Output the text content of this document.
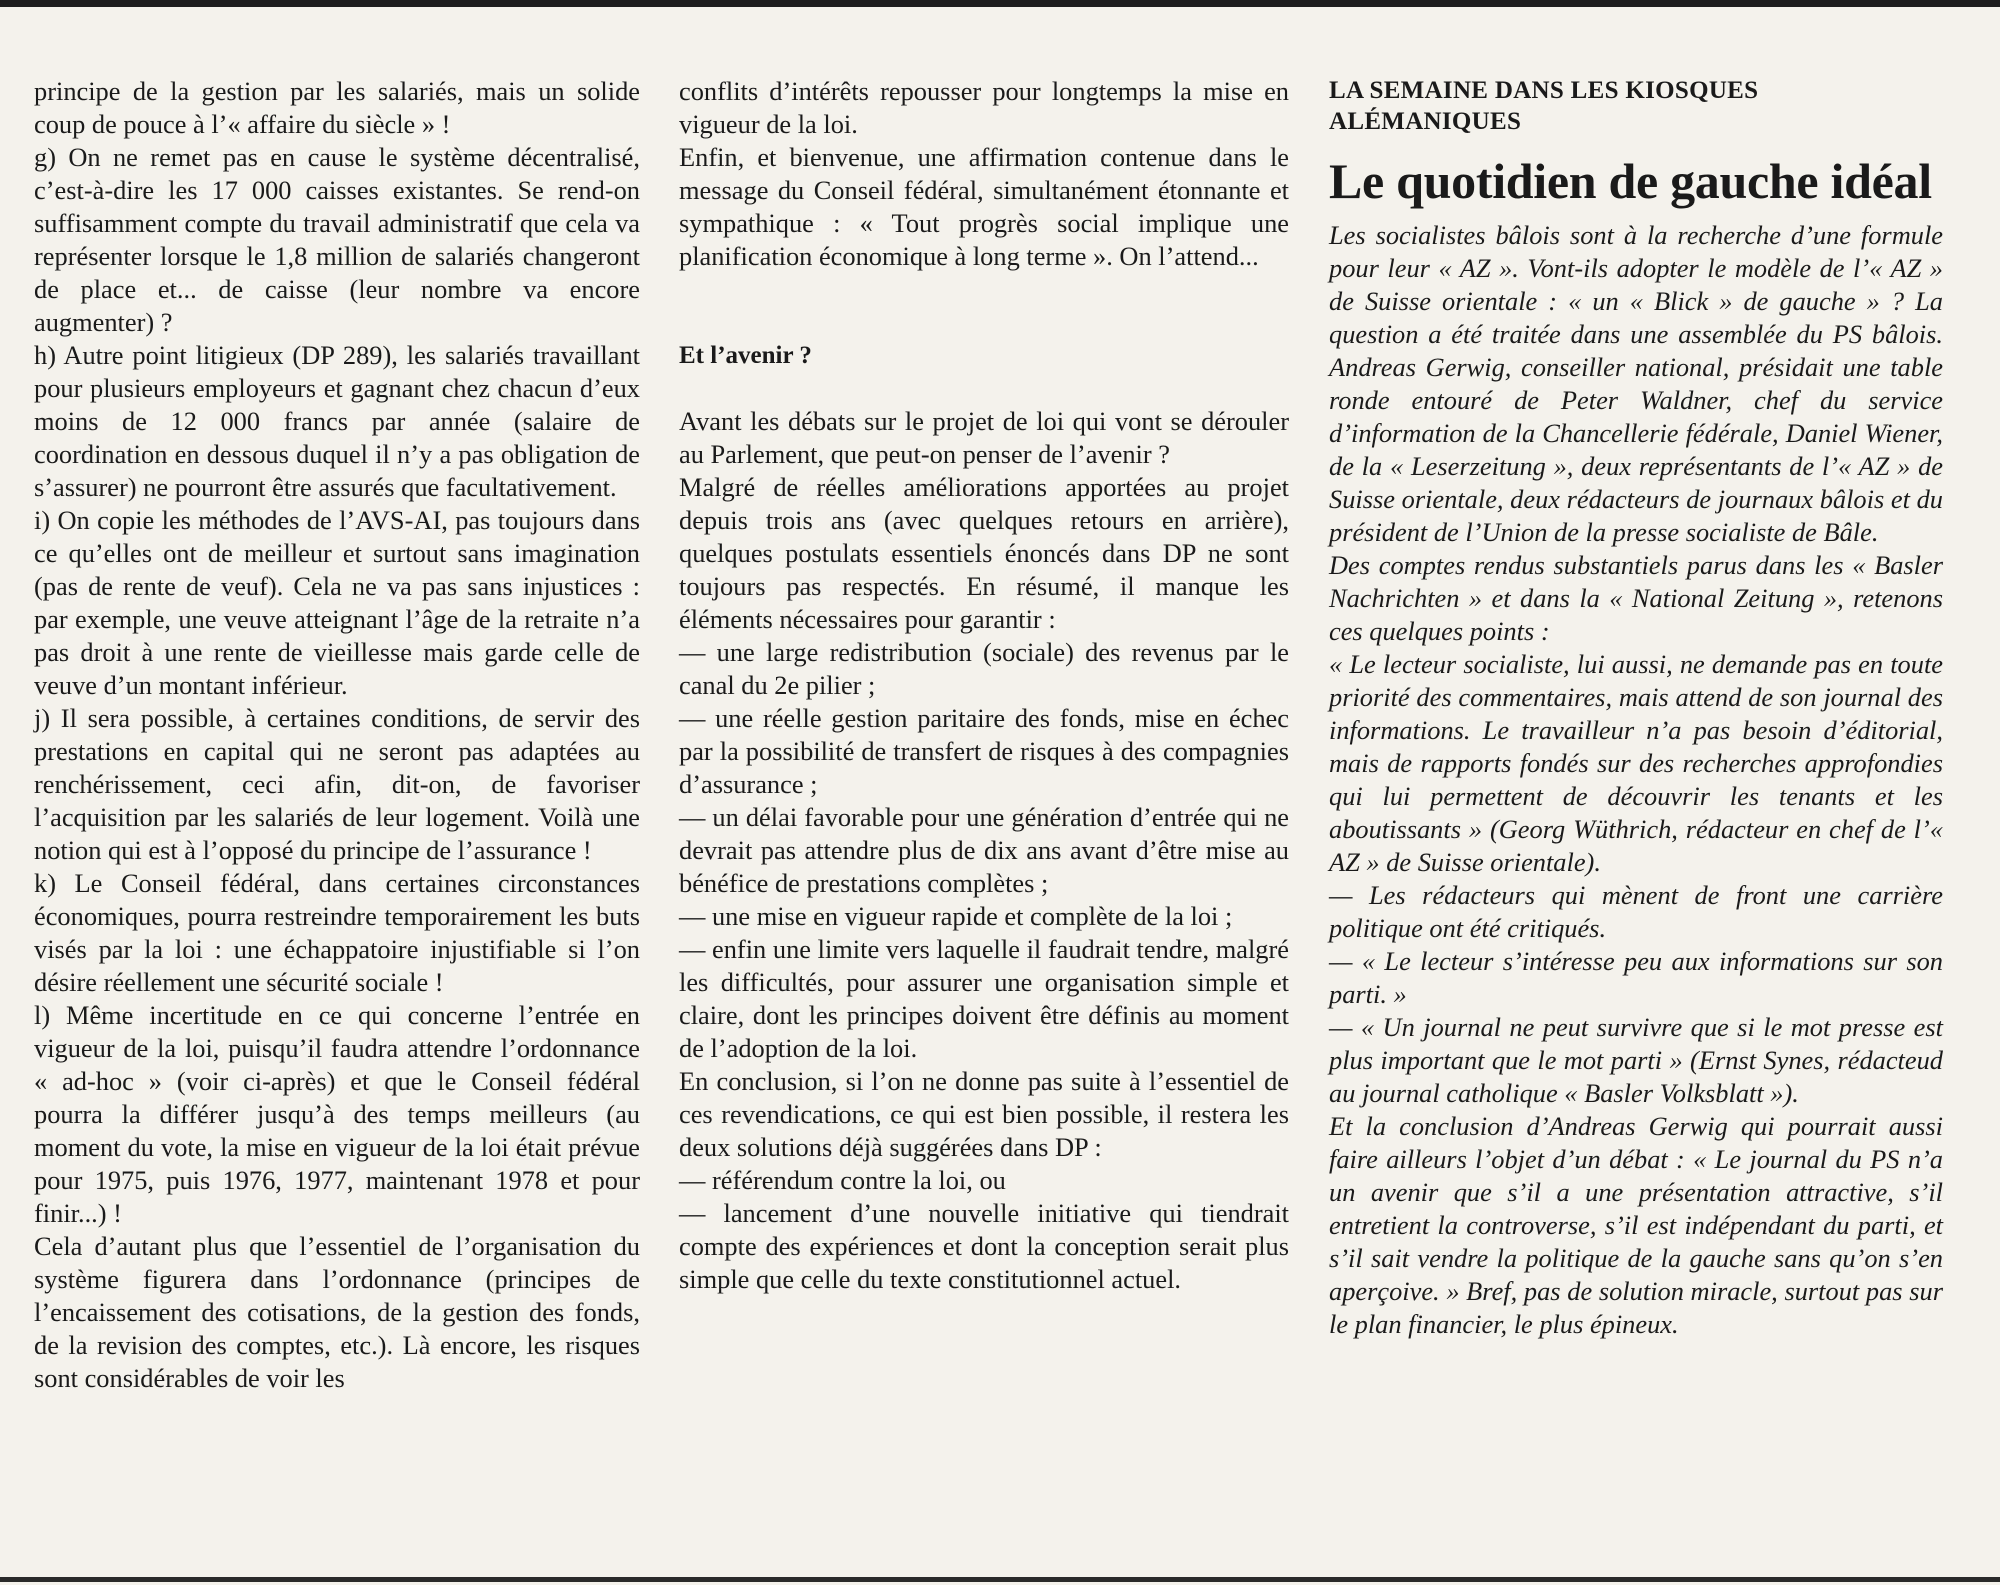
principe de la gestion par les salariés, mais un solide coup de pouce à l’« affaire du siècle » !

g) On ne remet pas en cause le système décentralisé, c’est-à-dire les 17 000 caisses existantes. Se rend-on suffisamment compte du travail administratif que cela va représenter lorsque le 1,8 million de salariés changeront de place et... de caisse (leur nombre va encore augmenter) ?

h) Autre point litigieux (DP 289), les salariés travaillant pour plusieurs employeurs et gagnant chez chacun d’eux moins de 12 000 francs par année (salaire de coordination en dessous duquel il n’y a pas obligation de s’assurer) ne pourront être assurés que facultativement.

i) On copie les méthodes de l’AVS-AI, pas toujours dans ce qu’elles ont de meilleur et surtout sans imagination (pas de rente de veuf). Cela ne va pas sans injustices : par exemple, une veuve atteignant l’âge de la retraite n’a pas droit à une rente de vieillesse mais garde celle de veuve d’un montant inférieur.

j) Il sera possible, à certaines conditions, de servir des prestations en capital qui ne seront pas adaptées au renchérissement, ceci afin, dit-on, de favoriser l’acquisition par les salariés de leur logement. Voilà une notion qui est à l’opposé du principe de l’assurance !

k) Le Conseil fédéral, dans certaines circonstances économiques, pourra restreindre temporairement les buts visés par la loi : une échappatoire injustifiable si l’on désire réellement une sécurité sociale !

l) Même incertitude en ce qui concerne l’entrée en vigueur de la loi, puisqu’il faudra attendre l’ordonnance « ad-hoc » (voir ci-après) et que le Conseil fédéral pourra la différer jusqu’à des temps meilleurs (au moment du vote, la mise en vigueur de la loi était prévue pour 1975, puis 1976, 1977, maintenant 1978 et pour finir...) !

Cela d’autant plus que l’essentiel de l’organisation du système figurera dans l’ordonnance (principes de l’encaissement des cotisations, de la gestion des fonds, de la revision des comptes, etc.). Là encore, les risques sont considérables de voir les

conflits d’intérêts repousser pour longtemps la mise en vigueur de la loi.

Enfin, et bienvenue, une affirmation contenue dans le message du Conseil fédéral, simultanément étonnante et sympathique : « Tout progrès social implique une planification économique à long terme ». On l’attend...

Et l’avenir ?

Avant les débats sur le projet de loi qui vont se dérouler au Parlement, que peut-on penser de l’avenir ?

Malgré de réelles améliorations apportées au projet depuis trois ans (avec quelques retours en arrière), quelques postulats essentiels énoncés dans DP ne sont toujours pas respectés. En résumé, il manque les éléments nécessaires pour garantir :

— une large redistribution (sociale) des revenus par le canal du 2e pilier ;

— une réelle gestion paritaire des fonds, mise en échec par la possibilité de transfert de risques à des compagnies d’assurance ;

— un délai favorable pour une génération d’entrée qui ne devrait pas attendre plus de dix ans avant d’être mise au bénéfice de prestations complètes ;

— une mise en vigueur rapide et complète de la loi ;

— enfin une limite vers laquelle il faudrait tendre, malgré les difficultés, pour assurer une organisation simple et claire, dont les principes doivent être définis au moment de l’adoption de la loi.

En conclusion, si l’on ne donne pas suite à l’essentiel de ces revendications, ce qui est bien possible, il restera les deux solutions déjà suggérées dans DP :

— référendum contre la loi, ou

— lancement d’une nouvelle initiative qui tiendrait compte des expériences et dont la conception serait plus simple que celle du texte constitutionnel actuel.

LA SEMAINE DANS LES KIOSQUES ALÉMANIQUES
Le quotidien de gauche idéal

Les socialistes bâlois sont à la recherche d’une formule pour leur « AZ ». Vont-ils adopter le modèle de l’« AZ » de Suisse orientale : « un « Blick » de gauche » ? La question a été traitée dans une assemblée du PS bâlois. Andreas Gerwig, conseiller national, présidait une table ronde entouré de Peter Waldner, chef du service d’information de la Chancellerie fédérale, Daniel Wiener, de la « Leserzeitung », deux représentants de l’« AZ » de Suisse orientale, deux rédacteurs de journaux bâlois et du président de l’Union de la presse socialiste de Bâle.

Des comptes rendus substantiels parus dans les « Basler Nachrichten » et dans la « National Zeitung », retenons ces quelques points :

« Le lecteur socialiste, lui aussi, ne demande pas en toute priorité des commentaires, mais attend de son journal des informations. Le travailleur n’a pas besoin d’éditorial, mais de rapports fondés sur des recherches approfondies qui lui permettent de découvrir les tenants et les aboutissants » (Georg Wüthrich, rédacteur en chef de l’« AZ » de Suisse orientale).

— Les rédacteurs qui mènent de front une carrière politique ont été critiqués.

— « Le lecteur s’intéresse peu aux informations sur son parti. »

— « Un journal ne peut survivre que si le mot presse est plus important que le mot parti » (Ernst Synes, rédacteud au journal catholique « Basler Volksblatt »).

Et la conclusion d’Andreas Gerwig qui pourrait aussi faire ailleurs l’objet d’un débat : « Le journal du PS n’a un avenir que s’il a une présentation attractive, s’il entretient la controverse, s’il est indépendant du parti, et s’il sait vendre la politique de la gauche sans qu’on s’en aperçoive. » Bref, pas de solution miracle, surtout pas sur le plan financier, le plus épineux.
